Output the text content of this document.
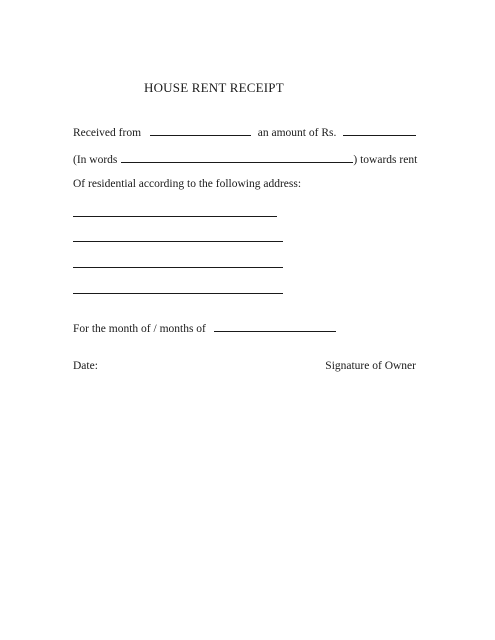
HOUSE RENT RECEIPT
Received from	an amount of Rs.
(In words	) towards rent
Of residential according to the following address:
For the month of / months of
Date:	Signature of Owner
